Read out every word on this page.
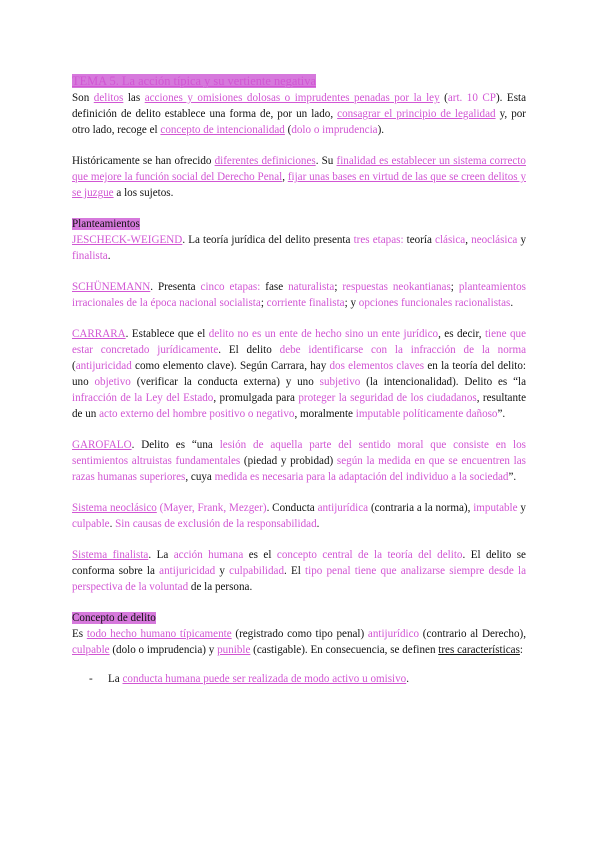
TEMA 5. La acción típica y su vertiente negativa

Son delitos las acciones y omisiones dolosas o imprudentes penadas por la ley (art. 10 CP). Esta definición de delito establece una forma de, por un lado, consagrar el principio de legalidad y, por otro lado, recoge el concepto de intencionalidad (dolo o imprudencia).

Históricamente se han ofrecido diferentes definiciones. Su finalidad es establecer un sistema correcto que mejore la función social del Derecho Penal, fijar unas bases en virtud de las que se creen delitos y se juzgue a los sujetos.

Planteamientos

JESCHECK-WEIGEND. La teoría jurídica del delito presenta tres etapas: teoría clásica, neoclásica y finalista.

SCHÜNEMANN. Presenta cinco etapas: fase naturalista; respuestas neokantianas; planteamientos irracionales de la época nacional socialista; corriente finalista; y opciones funcionales racionalistas.

CARRARA. Establece que el delito no es un ente de hecho sino un ente jurídico, es decir, tiene que estar concretado jurídicamente. El delito debe identificarse con la infracción de la norma (antijuricidad como elemento clave). Según Carrara, hay dos elementos claves en la teoría del delito: uno objetivo (verificar la conducta externa) y uno subjetivo (la intencionalidad). Delito es “la infracción de la Ley del Estado, promulgada para proteger la seguridad de los ciudadanos, resultante de un acto externo del hombre positivo o negativo, moralmente imputable políticamente dañoso”.

GAROFALO. Delito es “una lesión de aquella parte del sentido moral que consiste en los sentimientos altruistas fundamentales (piedad y probidad) según la medida en que se encuentren las razas humanas superiores, cuya medida es necesaria para la adaptación del individuo a la sociedad”.

Sistema neoclásico (Mayer, Frank, Mezger). Conducta antijurídica (contraria a la norma), imputable y culpable. Sin causas de exclusión de la responsabilidad.

Sistema finalista. La acción humana es el concepto central de la teoría del delito. El delito se conforma sobre la antijuricidad y culpabilidad. El tipo penal tiene que analizarse siempre desde la perspectiva de la voluntad de la persona.

Concepto de delito

Es todo hecho humano típicamente (registrado como tipo penal) antijurídico (contrario al Derecho), culpable (dolo o imprudencia) y punible (castigable). En consecuencia, se definen tres características:

- La conducta humana puede ser realizada de modo activo u omisivo.
